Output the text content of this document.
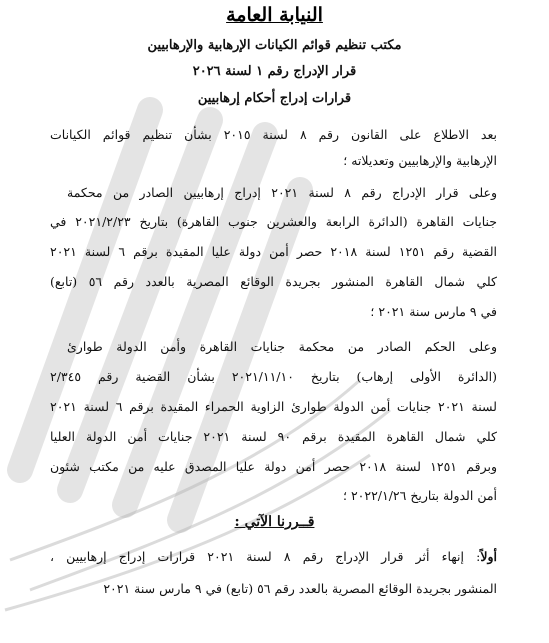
النيابة العامة
مكتب تنظيم قوائم الكيانات الإرهابية والإرهابيين
قرار الإدراج رقم ١ لسنة ٢٠٢٦
قرارات إدراج أحكام إرهابيين
بعد الاطلاع على القانون رقم ٨ لسنة ٢٠١٥ بشأن تنظيم قوائم الكيانات
الإرهابية والإرهابيين وتعديلاته ؛
وعلى قرار الإدراج رقم ٨ لسنة ٢٠٢١ إدراج إرهابيين الصادر من محكمة
جنايات القاهرة (الدائرة الرابعة والعشرين جنوب القاهرة) بتاريخ ٢٠٢١/٢/٢٣ في
القضية رقم ١٢٥١ لسنة ٢٠١٨ حصر أمن دولة عليا المقيدة برقم ٦ لسنة ٢٠٢١
كلي شمال القاهرة المنشور بجريدة الوقائع المصرية بالعدد رقم ٥٦ (تابع)
في ٩ مارس سنة ٢٠٢١ ؛
وعلى الحكم الصادر من محكمة جنايات القاهرة وأمن الدولة طوارئ
(الدائرة الأولى إرهاب) بتاريخ ٢٠٢١/١١/١٠ بشأن القضية رقم ٢/٣٤٥
لسنة ٢٠٢١ جنايات أمن الدولة طوارئ الزاوية الحمراء المقيدة برقم ٦ لسنة ٢٠٢١
كلي شمال القاهرة المقيدة برقم ٩٠ لسنة ٢٠٢١ جنايات أمن الدولة العليا
وبرقم ١٢٥١ لسنة ٢٠١٨ حصر أمن دولة عليا المصدق عليه من مكتب شئون
أمن الدولة بتاريخ ٢٠٢٢/١/٢٦ ؛
قــررنا الآتي :
أولاً: إنهاء أثر قرار الإدراج رقم ٨ لسنة ٢٠٢١ قرارات إدراج إرهابيين ،
المنشور بجريدة الوقائع المصرية بالعدد رقم ٥٦ (تابع) في ٩ مارس سنة ٢٠٢١
